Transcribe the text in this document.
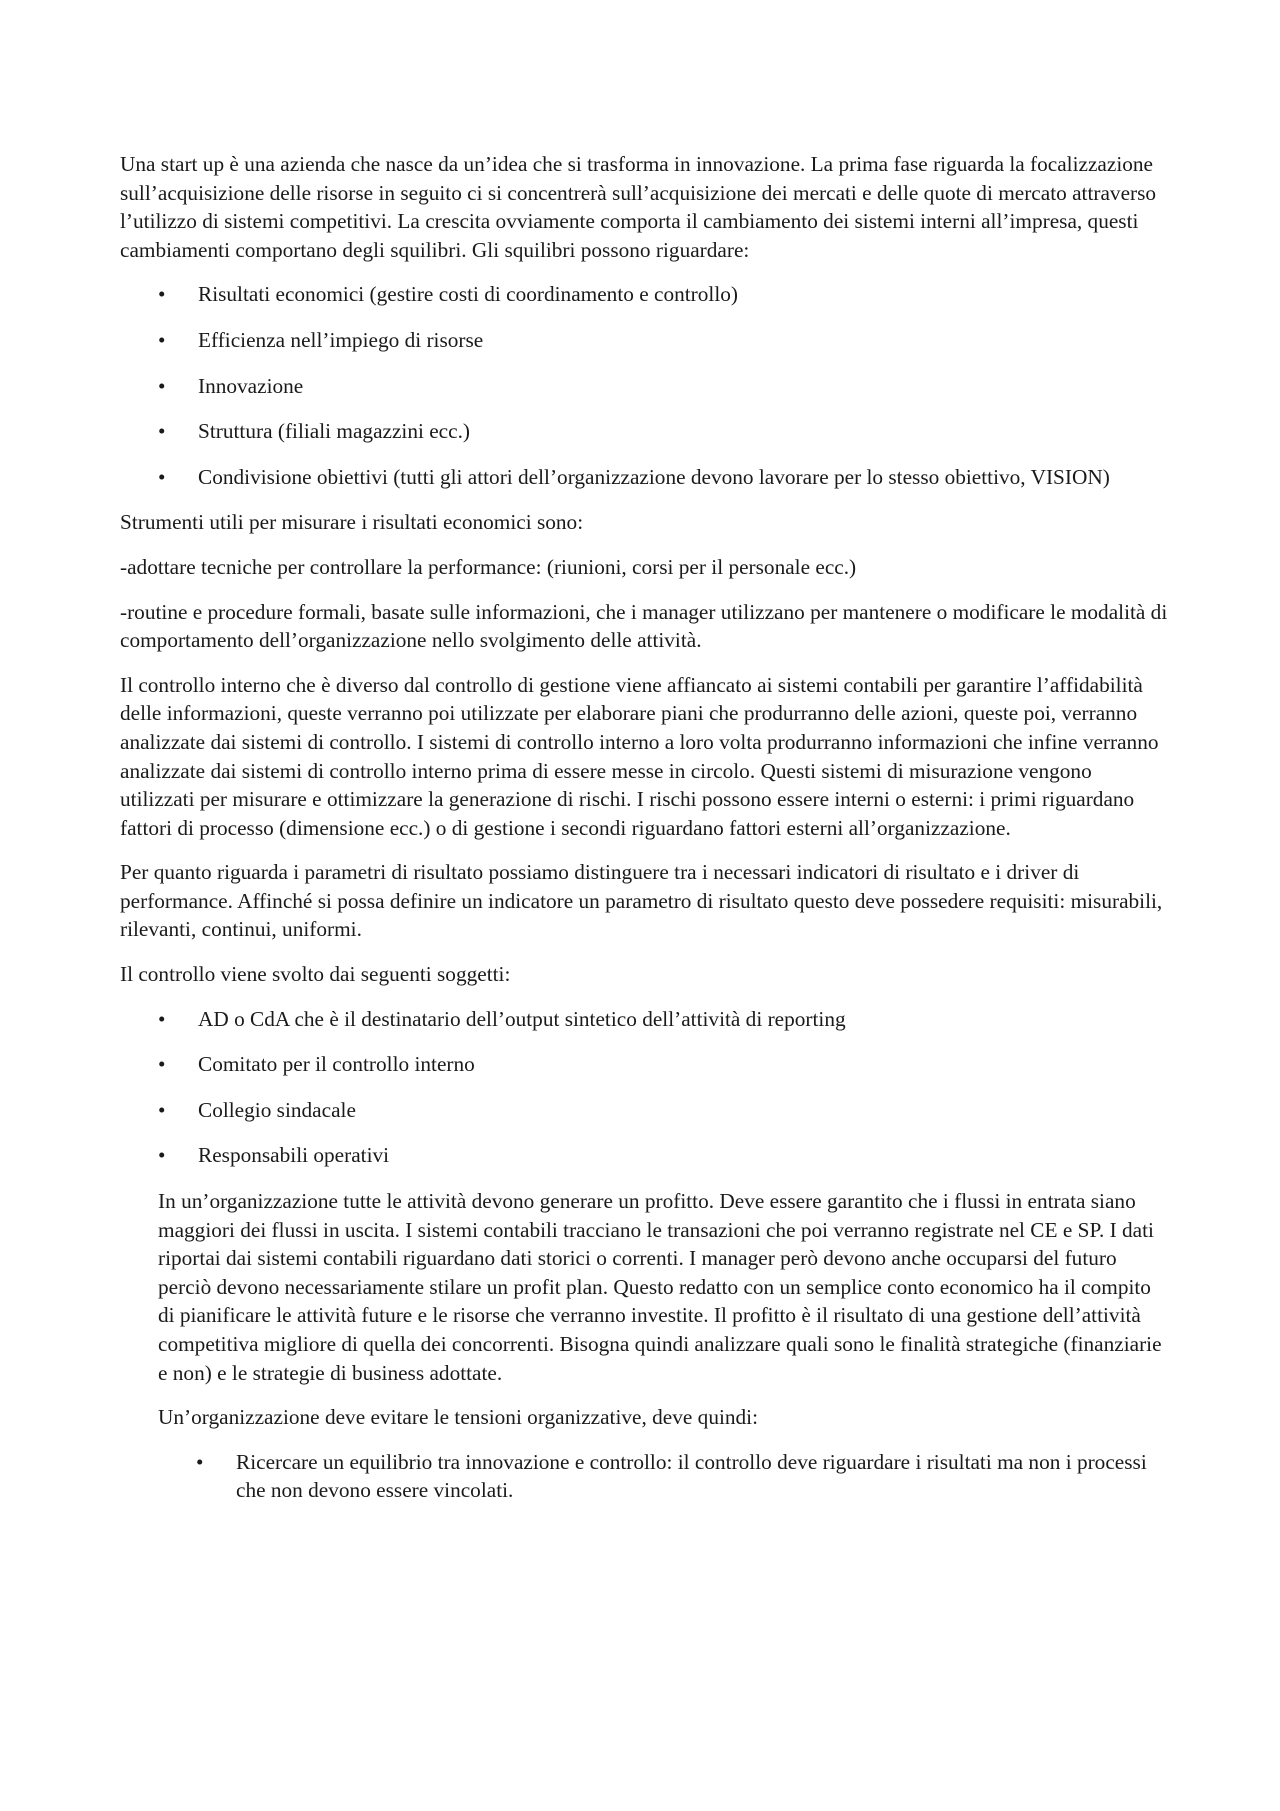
Una start up è una azienda che nasce da un’idea che si trasforma in innovazione. La prima fase riguarda la focalizzazione sull’acquisizione delle risorse in seguito ci si concentrerà sull’acquisizione dei mercati e delle quote di mercato attraverso l’utilizzo di sistemi competitivi. La crescita ovviamente comporta il cambiamento dei sistemi interni all’impresa, questi cambiamenti comportano degli squilibri. Gli squilibri possono riguardare:

• Risultati economici (gestire costi di coordinamento e controllo)
• Efficienza nell’impiego di risorse
• Innovazione
• Struttura (filiali magazzini ecc.)
• Condivisione obiettivi (tutti gli attori dell’organizzazione devono lavorare per lo stesso obiettivo, VISION)

Strumenti utili per misurare i risultati economici sono:

-adottare tecniche per controllare la performance: (riunioni, corsi per il personale ecc.)

-routine e procedure formali, basate sulle informazioni, che i manager utilizzano per mantenere o modificare le modalità di comportamento dell’organizzazione nello svolgimento delle attività.

Il controllo interno che è diverso dal controllo di gestione viene affiancato ai sistemi contabili per garantire l’affidabilità delle informazioni, queste verranno poi utilizzate per elaborare piani che produrranno delle azioni, queste poi, verranno analizzate dai sistemi di controllo. I sistemi di controllo interno a loro volta produrranno informazioni che infine verranno analizzate dai sistemi di controllo interno prima di essere messe in circolo. Questi sistemi di misurazione vengono utilizzati per misurare e ottimizzare la generazione di rischi. I rischi possono essere interni o esterni: i primi riguardano fattori di processo (dimensione ecc.) o di gestione i secondi riguardano fattori esterni all’organizzazione.

Per quanto riguarda i parametri di risultato possiamo distinguere tra i necessari indicatori di risultato e i driver di performance. Affinché si possa definire un indicatore un parametro di risultato questo deve possedere requisiti: misurabili, rilevanti, continui, uniformi.

Il controllo viene svolto dai seguenti soggetti:

• AD o CdA che è il destinatario dell’output sintetico dell’attività di reporting
• Comitato per il controllo interno
• Collegio sindacale
• Responsabili operativi

In un’organizzazione tutte le attività devono generare un profitto. Deve essere garantito che i flussi in entrata siano maggiori dei flussi in uscita. I sistemi contabili tracciano le transazioni che poi verranno registrate nel CE e SP. I dati riportai dai sistemi contabili riguardano dati storici o correnti. I manager però devono anche occuparsi del futuro perciò devono necessariamente stilare un profit plan. Questo redatto con un semplice conto economico ha il compito di pianificare le attività future e le risorse che verranno investite. Il profitto è il risultato di una gestione dell’attività competitiva migliore di quella dei concorrenti. Bisogna quindi analizzare quali sono le finalità strategiche (finanziarie e non) e le strategie di business adottate.

Un’organizzazione deve evitare le tensioni organizzative, deve quindi:

• Ricercare un equilibrio tra innovazione e controllo: il controllo deve riguardare i risultati ma non i processi che non devono essere vincolati.
